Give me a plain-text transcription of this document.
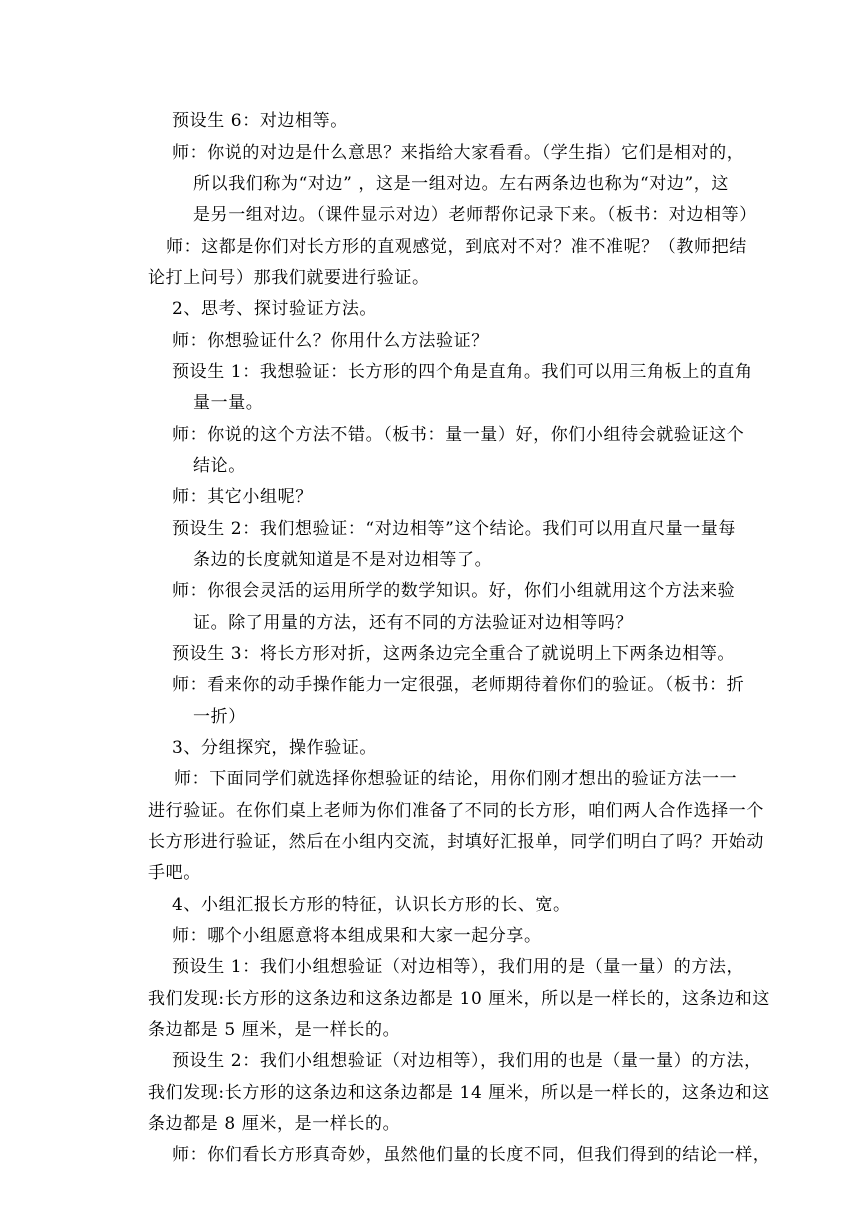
预设生 6：对边相等。
师：你说的对边是什么意思？来指给大家看看。（学生指）它们是相对的，
所以我们称为“对边” ，这是一组对边。左右两条边也称为“对边”，这
是另一组对边。（课件显示对边）老师帮你记录下来。（板书：对边相等）
师：这都是你们对长方形的直观感觉，到底对不对？准不准呢？（教师把结
论打上问号）那我们就要进行验证。
2、思考、探讨验证方法。
师：你想验证什么？你用什么方法验证？
预设生 1：我想验证：长方形的四个角是直角。我们可以用三角板上的直角
量一量。
师：你说的这个方法不错。（板书：量一量）好，你们小组待会就验证这个
结论。
师：其它小组呢？
预设生 2：我们想验证：“对边相等”这个结论。我们可以用直尺量一量每
条边的长度就知道是不是对边相等了。
师：你很会灵活的运用所学的数学知识。好，你们小组就用这个方法来验
证。除了用量的方法，还有不同的方法验证对边相等吗？
预设生 3：将长方形对折，这两条边完全重合了就说明上下两条边相等。
师：看来你的动手操作能力一定很强，老师期待着你们的验证。（板书：折
一折）
3、分组探究，操作验证。
师：下面同学们就选择你想验证的结论，用你们刚才想出的验证方法一一
进行验证。在你们桌上老师为你们准备了不同的长方形，咱们两人合作选择一个
长方形进行验证，然后在小组内交流，封填好汇报单，同学们明白了吗？开始动
手吧。
4、小组汇报长方形的特征，认识长方形的长、宽。
师：哪个小组愿意将本组成果和大家一起分享。
预设生 1：我们小组想验证（对边相等），我们用的是（量一量）的方法，
我们发现:长方形的这条边和这条边都是 10 厘米，所以是一样长的，这条边和这
条边都是 5 厘米，是一样长的。
预设生 2：我们小组想验证（对边相等），我们用的也是（量一量）的方法，
我们发现:长方形的这条边和这条边都是 14 厘米，所以是一样长的，这条边和这
条边都是 8 厘米，是一样长的。
师：你们看长方形真奇妙，虽然他们量的长度不同，但我们得到的结论一样，
